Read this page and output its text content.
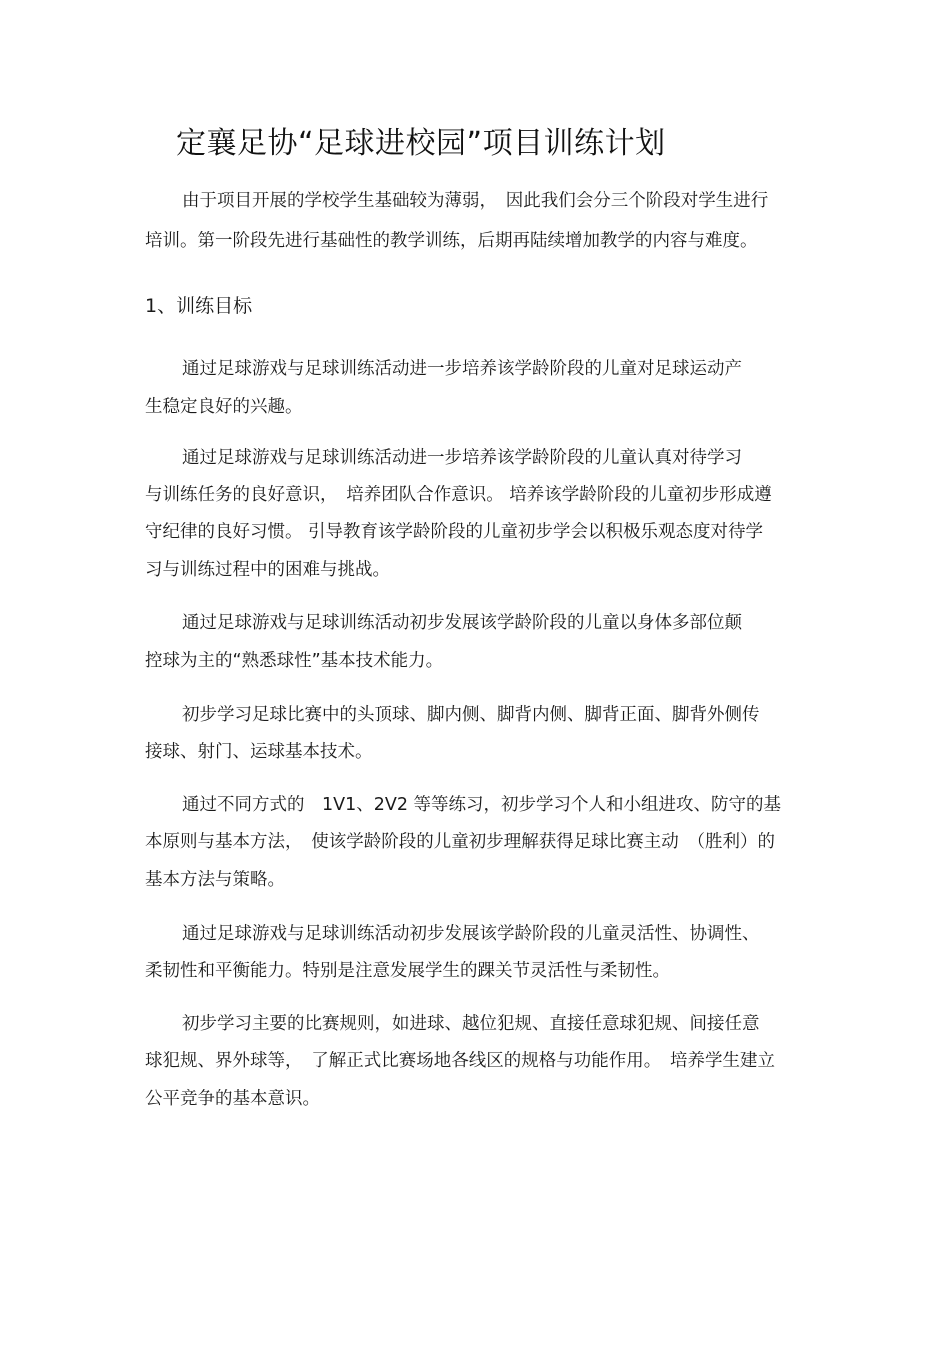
定襄足协“足球进校园”项目训练计划
由于项目开展的学校学生基础较为薄弱，　因此我们会分三个阶段对学生进行
培训。第一阶段先进行基础性的教学训练，后期再陆续增加教学的内容与难度。
1、训练目标
通过足球游戏与足球训练活动进一步培养该学龄阶段的儿童对足球运动产
生稳定良好的兴趣。
通过足球游戏与足球训练活动进一步培养该学龄阶段的儿童认真对待学习
与训练任务的良好意识，　培养团队合作意识。 培养该学龄阶段的儿童初步形成遵
守纪律的良好习惯。 引导教育该学龄阶段的儿童初步学会以积极乐观态度对待学
习与训练过程中的困难与挑战。
通过足球游戏与足球训练活动初步发展该学龄阶段的儿童以身体多部位颠
控球为主的“熟悉球性”基本技术能力。
初步学习足球比赛中的头顶球、脚内侧、脚背内侧、脚背正面、脚背外侧传
接球、射门、运球基本技术。
通过不同方式的　1V1、2V2 等等练习，初步学习个人和小组进攻、防守的基
本原则与基本方法，　使该学龄阶段的儿童初步理解获得足球比赛主动　（胜利）的
基本方法与策略。
通过足球游戏与足球训练活动初步发展该学龄阶段的儿童灵活性、协调性、
柔韧性和平衡能力。特别是注意发展学生的踝关节灵活性与柔韧性。
初步学习主要的比赛规则，如进球、越位犯规、直接任意球犯规、间接任意
球犯规、界外球等，　了解正式比赛场地各线区的规格与功能作用。　培养学生建立
公平竞争的基本意识。
